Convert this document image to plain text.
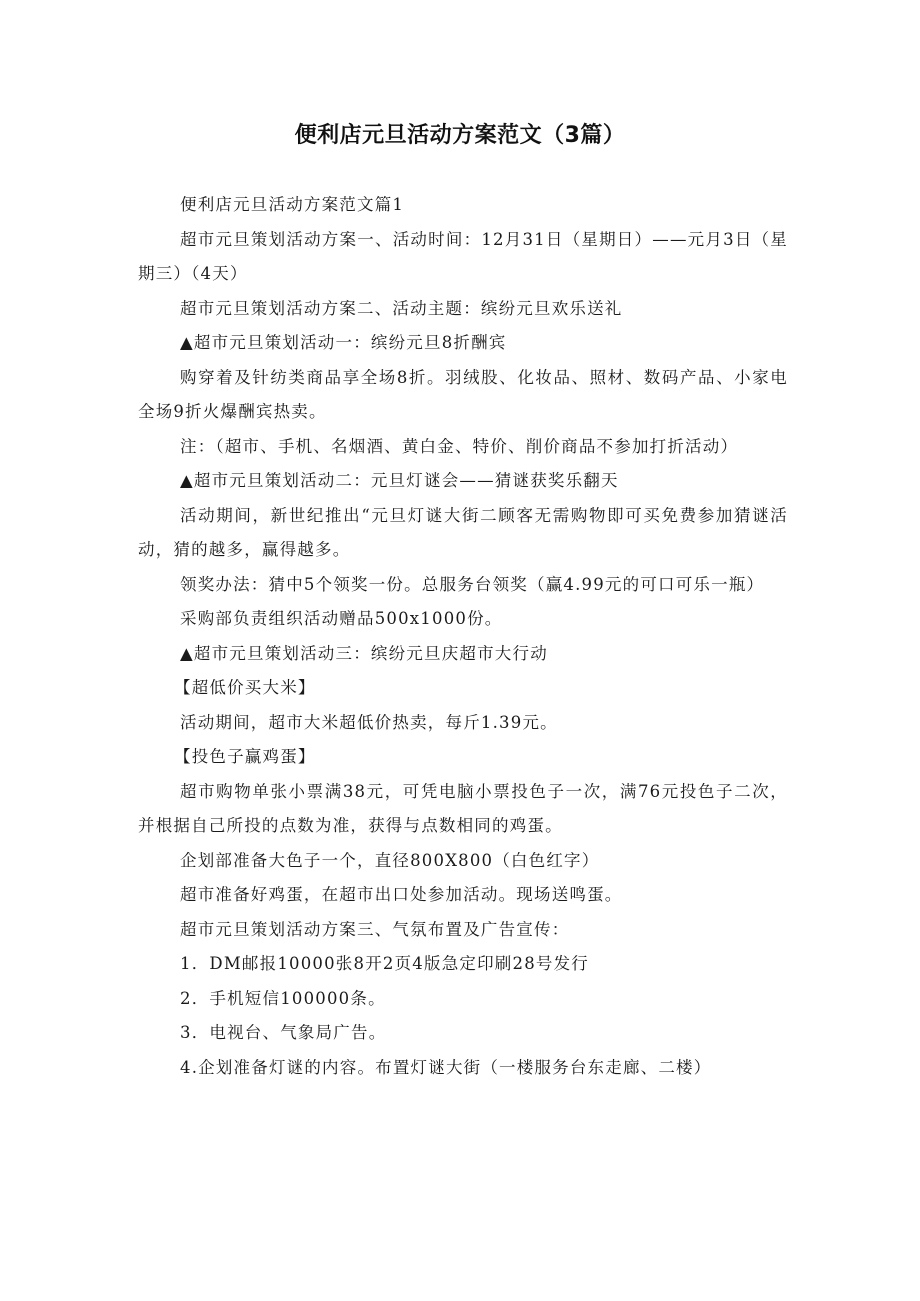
便利店元旦活动方案范文（3篇）

便利店元旦活动方案范文篇1

超市元旦策划活动方案一、活动时间：12月31日（星期日）——元月3日（星期三）（4天）

超市元旦策划活动方案二、活动主题：缤纷元旦欢乐送礼

▲超市元旦策划活动一：缤纷元旦8折酬宾

购穿着及针纺类商品享全场8折。羽绒股、化妆品、照材、数码产品、小家电全场9折火爆酬宾热卖。

注：（超市、手机、名烟酒、黄白金、特价、削价商品不参加打折活动）

▲超市元旦策划活动二：元旦灯谜会——猜谜获奖乐翻天

活动期间，新世纪推出“元旦灯谜大街二顾客无需购物即可买免费参加猜谜活动，猜的越多，赢得越多。

领奖办法：猜中5个领奖一份。总服务台领奖（赢4.99元的可口可乐一瓶）

采购部负责组织活动赠品500x1000份。

▲超市元旦策划活动三：缤纷元旦庆超市大行动

【超低价买大米】

活动期间，超市大米超低价热卖，每斤1.39元。

【投色子赢鸡蛋】

超市购物单张小票满38元，可凭电脑小票投色子一次，满76元投色子二次，并根据自己所投的点数为准，获得与点数相同的鸡蛋。

企划部准备大色子一个，直径800X800（白色红字）

超市准备好鸡蛋，在超市出口处参加活动。现场送鸣蛋。

超市元旦策划活动方案三、气氛布置及广告宣传：

1．DM邮报10000张8开2页4版急定印刷28号发行

2．手机短信100000条。

3．电视台、气象局广告。

4.企划准备灯谜的内容。布置灯谜大街（一楼服务台东走廊、二楼）
